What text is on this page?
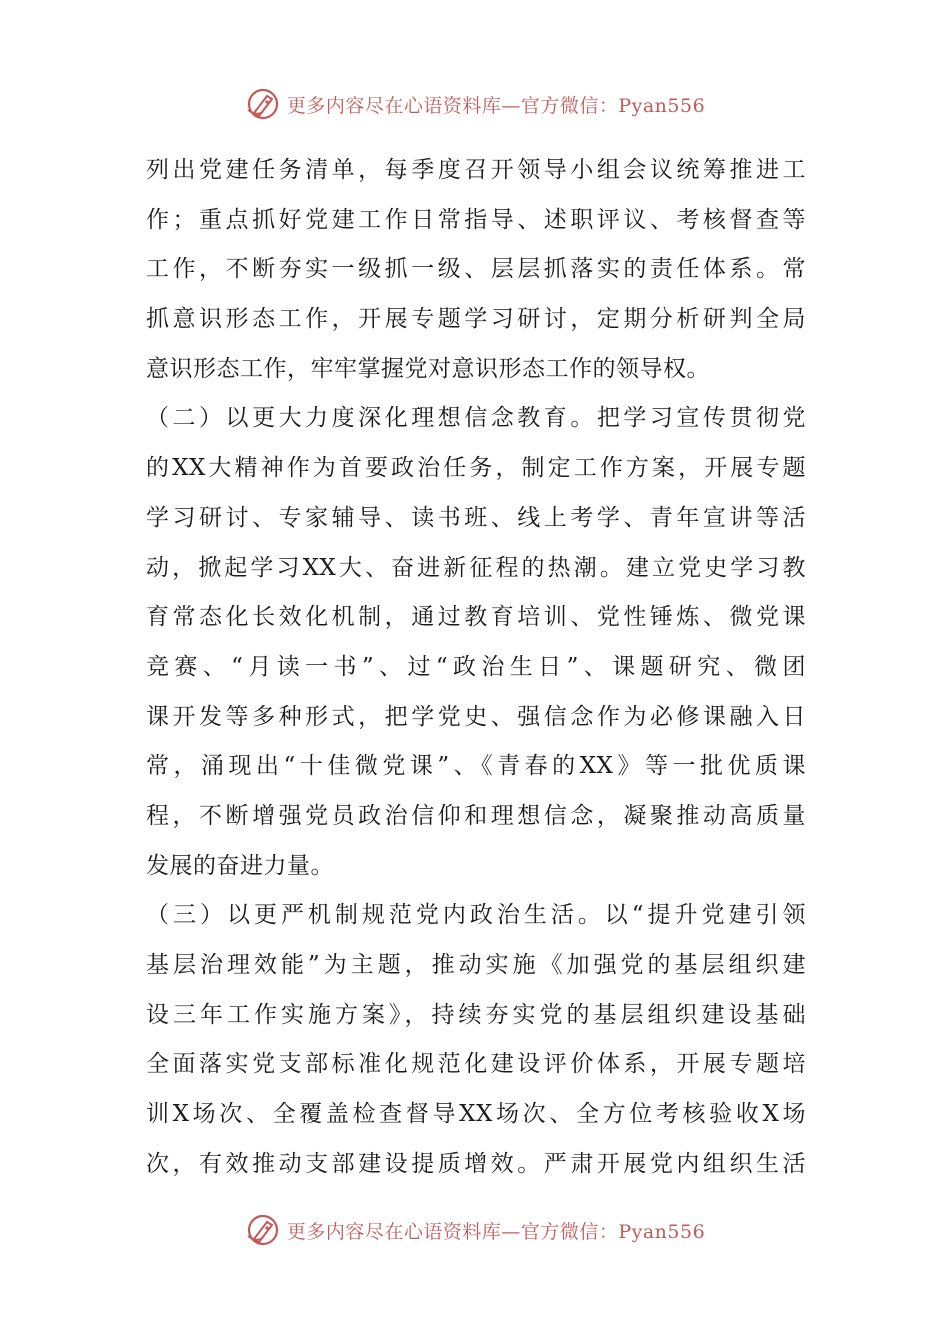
更多内容尽在心语资料库—官方微信：Pyan556
列出党建任务清单，每季度召开领导小组会议统筹推进工
作；重点抓好党建工作日常指导、述职评议、考核督查等
工作，不断夯实一级抓一级、层层抓落实的责任体系。常
抓意识形态工作，开展专题学习研讨，定期分析研判全局
意识形态工作，牢牢掌握党对意识形态工作的领导权。
（二）以更大力度深化理想信念教育。把学习宣传贯彻党
的XX大精神作为首要政治任务，制定工作方案，开展专题
学习研讨、专家辅导、读书班、线上考学、青年宣讲等活
动，掀起学习XX大、奋进新征程的热潮。建立党史学习教
育常态化长效化机制，通过教育培训、党性锤炼、微党课
竞赛、“月读一书”、过“政治生日”、课题研究、微团
课开发等多种形式，把学党史、强信念作为必修课融入日
常，涌现出“十佳微党课”、《青春的XX》等一批优质课
程，不断增强党员政治信仰和理想信念，凝聚推动高质量
发展的奋进力量。
（三）以更严机制规范党内政治生活。以“提升党建引领
基层治理效能”为主题，推动实施《加强党的基层组织建
设三年工作实施方案》，持续夯实党的基层组织建设基础
全面落实党支部标准化规范化建设评价体系，开展专题培
训X场次、全覆盖检查督导XX场次、全方位考核验收X场
次，有效推动支部建设提质增效。严肃开展党内组织生活
更多内容尽在心语资料库—官方微信：Pyan556
